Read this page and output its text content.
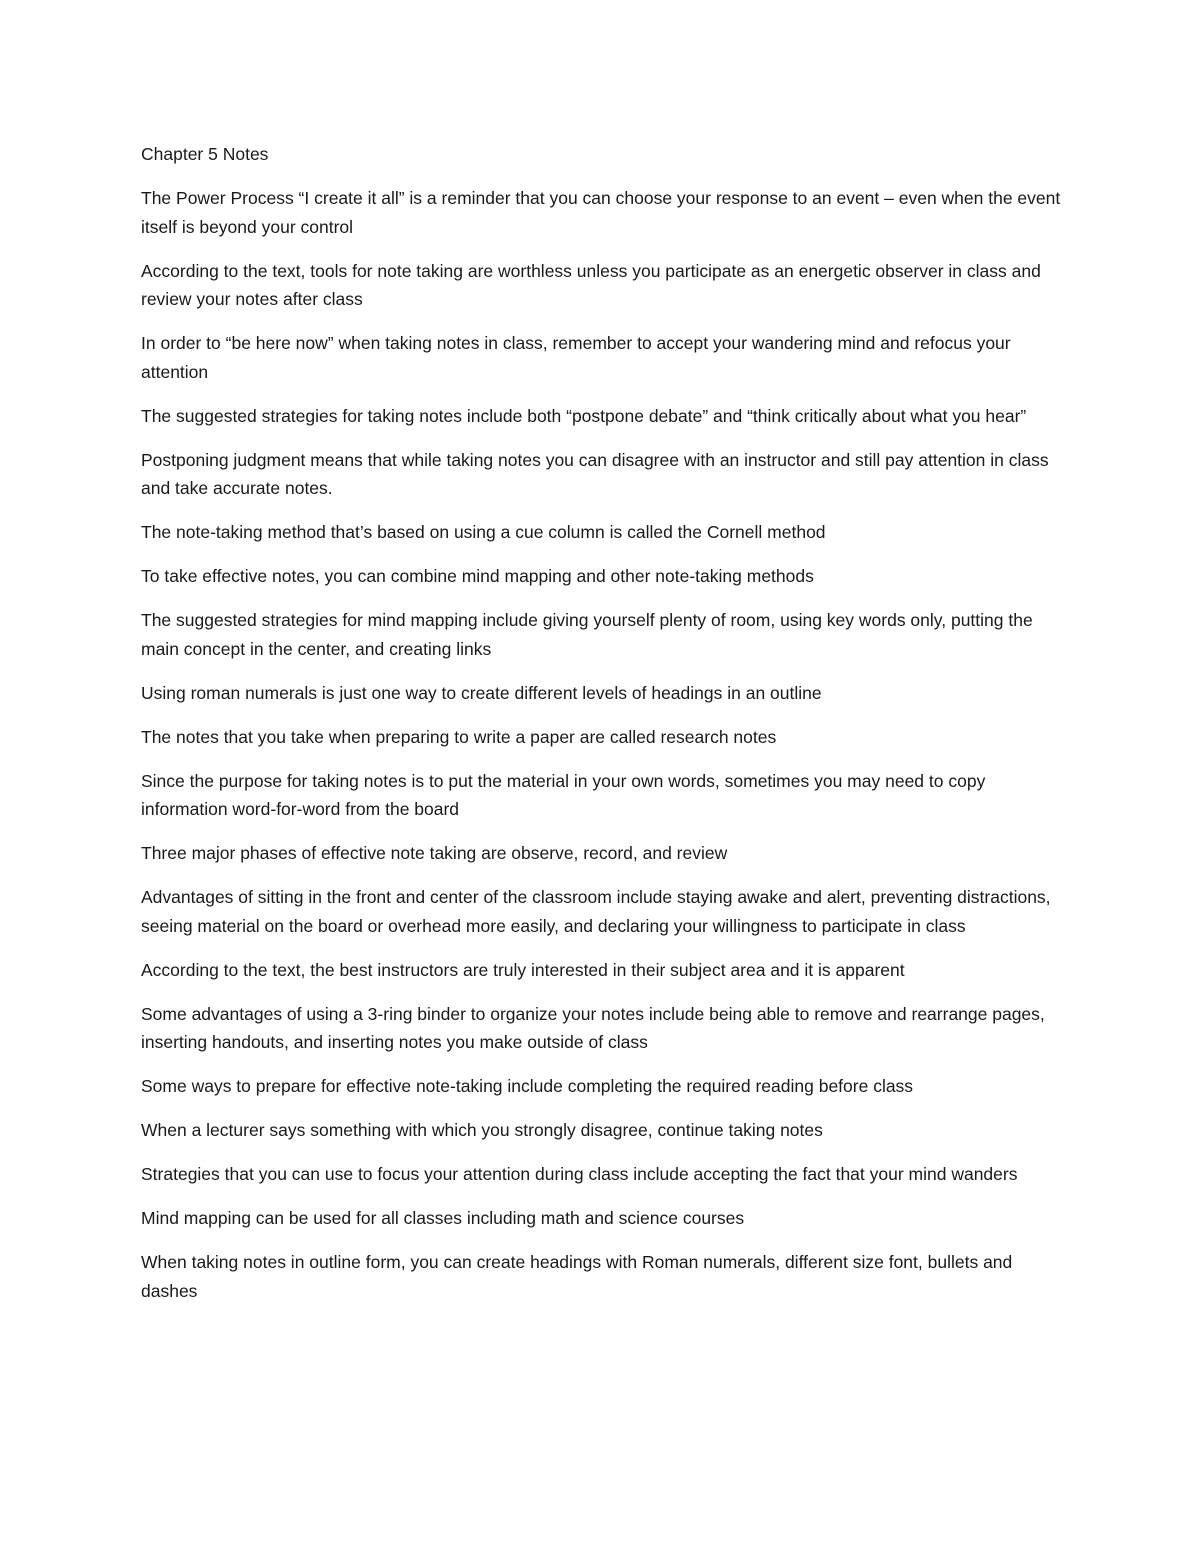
Chapter 5 Notes
The Power Process “I create it all” is a reminder that you can choose your response to an event – even when the event itself is beyond your control
According to the text, tools for note taking are worthless unless you participate as an energetic observer in class and review your notes after class
In order to “be here now” when taking notes in class, remember to accept your wandering mind and refocus your attention
The suggested strategies for taking notes include both “postpone debate” and “think critically about what you hear”
Postponing judgment means that while taking notes you can disagree with an instructor and still pay attention in class and take accurate notes.
The note-taking method that’s based on using a cue column is called the Cornell method
To take effective notes, you can combine mind mapping and other note-taking methods
The suggested strategies for mind mapping include giving yourself plenty of room, using key words only, putting the main concept in the center, and creating links
Using roman numerals is just one way to create different levels of headings in an outline
The notes that you take when preparing to write a paper are called research notes
Since the purpose for taking notes is to put the material in your own words, sometimes you may need to copy information word-for-word from the board
Three major phases of effective note taking are observe, record, and review
Advantages of sitting in the front and center of the classroom include staying awake and alert, preventing distractions, seeing material on the board or overhead more easily, and declaring your willingness to participate in class
According to the text, the best instructors are truly interested in their subject area and it is apparent
Some advantages of using a 3-ring binder to organize your notes include being able to remove and rearrange pages, inserting handouts, and inserting notes you make outside of class
Some ways to prepare for effective note-taking include completing the required reading before class
When a lecturer says something with which you strongly disagree, continue taking notes
Strategies that you can use to focus your attention during class include accepting the fact that your mind wanders
Mind mapping can be used for all classes including math and science courses
When taking notes in outline form, you can create headings with Roman numerals, different size font, bullets and dashes
